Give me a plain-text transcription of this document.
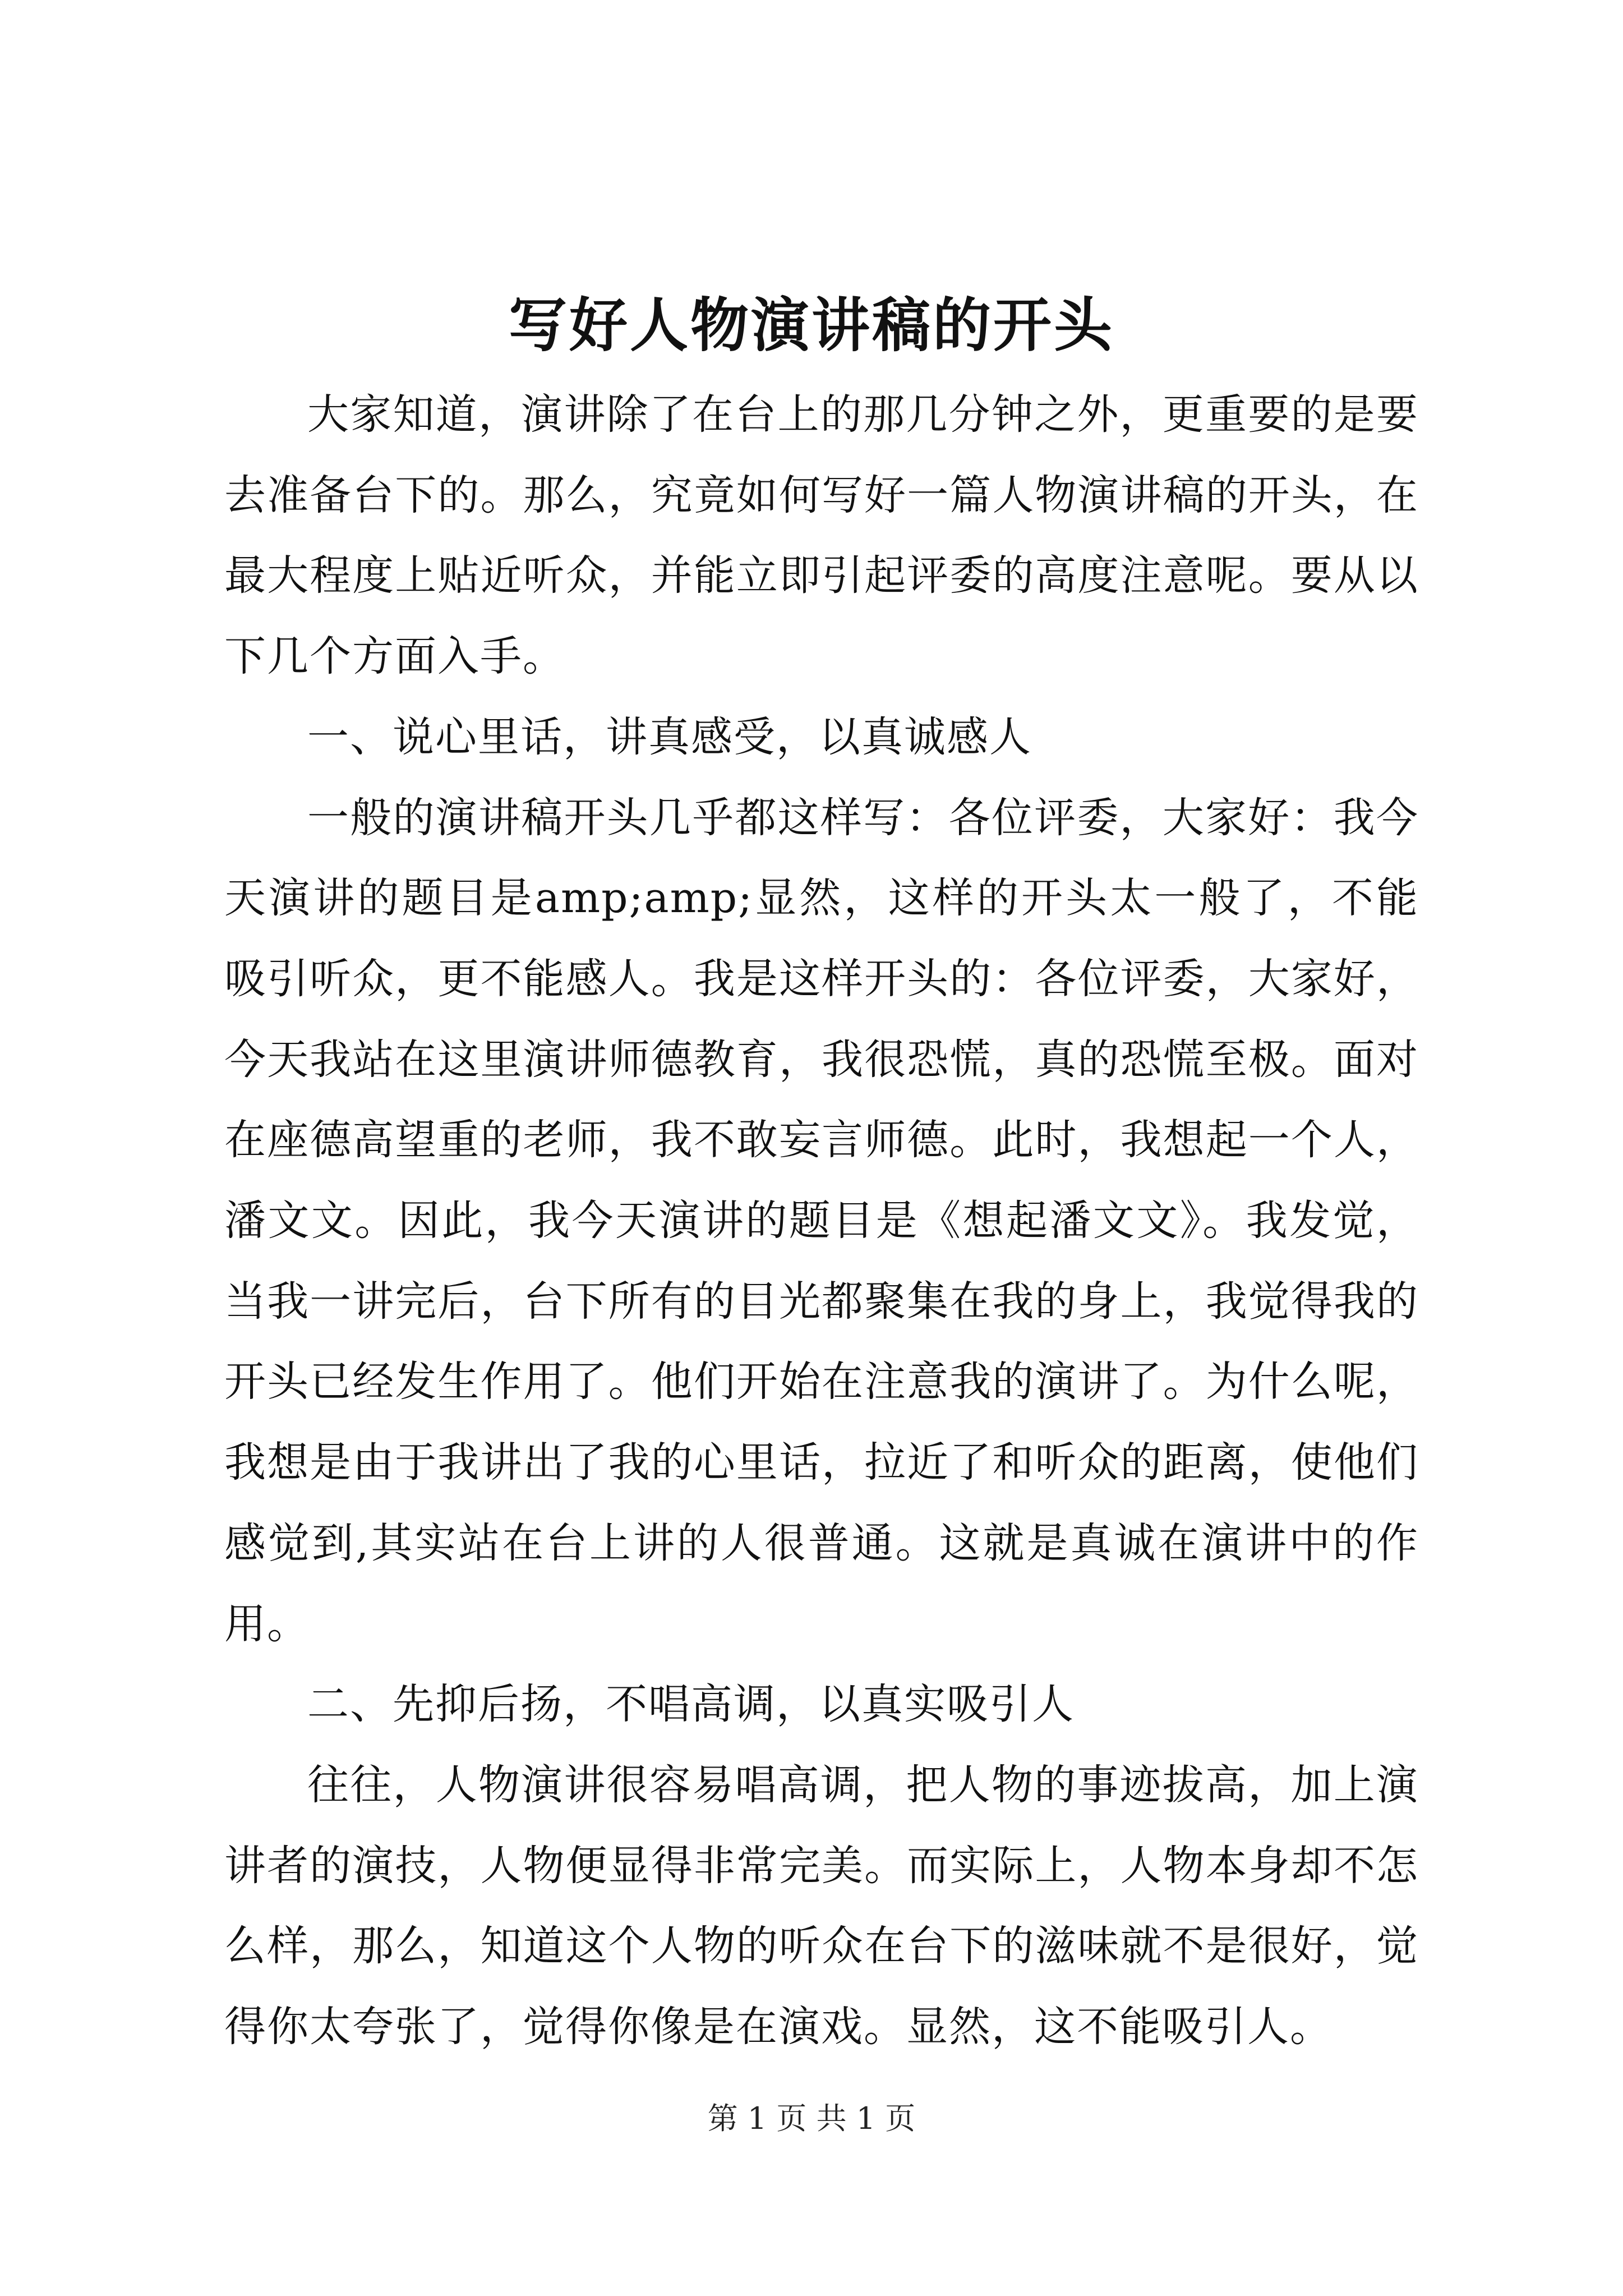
写好人物演讲稿的开头

大家知道，演讲除了在台上的那几分钟之外，更重要的是要去准备台下的。那么，究竟如何写好一篇人物演讲稿的开头，在最大程度上贴近听众，并能立即引起评委的高度注意呢。要从以下几个方面入手。

一、说心里话，讲真感受，以真诚感人

一般的演讲稿开头几乎都这样写：各位评委，大家好：我今天演讲的题目是amp;amp;显然，这样的开头太一般了，不能吸引听众，更不能感人。我是这样开头的：各位评委，大家好，今天我站在这里演讲师德教育，我很恐慌，真的恐慌至极。面对在座德高望重的老师，我不敢妄言师德。此时，我想起一个人，潘文文。因此，我今天演讲的题目是《想起潘文文》。我发觉，当我一讲完后，台下所有的目光都聚集在我的身上，我觉得我的开头已经发生作用了。他们开始在注意我的演讲了。为什么呢，我想是由于我讲出了我的心里话，拉近了和听众的距离，使他们感觉到,其实站在台上讲的人很普通。这就是真诚在演讲中的作用。

二、先抑后扬，不唱高调，以真实吸引人

往往，人物演讲很容易唱高调，把人物的事迹拔高，加上演讲者的演技，人物便显得非常完美。而实际上，人物本身却不怎么样，那么，知道这个人物的听众在台下的滋味就不是很好，觉得你太夸张了，觉得你像是在演戏。显然，这不能吸引人。

第 1 页 共 1 页
